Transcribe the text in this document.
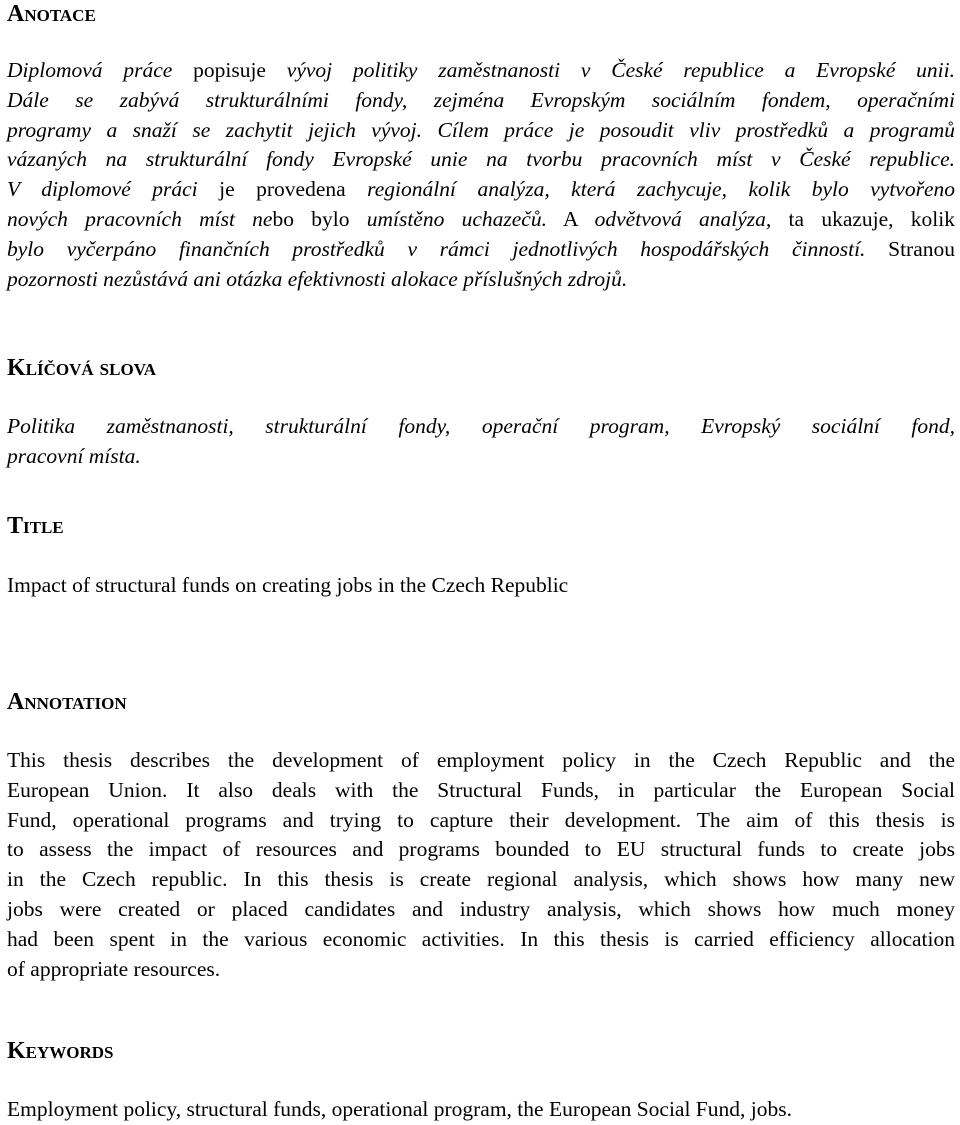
Anotace
Diplomová práce popisuje vývoj politiky zaměstnanosti v České republice a Evropské unii.
Dále se zabývá strukturálními fondy, zejména Evropským sociálním fondem, operačními
programy a snaží se zachytit jejich vývoj. Cílem práce je posoudit vliv prostředků a programů
vázaných na strukturální fondy Evropské unie na tvorbu pracovních míst v České republice.
V diplomové práci je provedena regionální analýza, která zachycuje, kolik bylo vytvořeno
nových pracovních míst nebo bylo umístěno uchazečů. A odvětvová analýza, ta ukazuje, kolik
bylo vyčerpáno finančních prostředků v rámci jednotlivých hospodářských činností. Stranou
pozornosti nezůstává ani otázka efektivnosti alokace příslušných zdrojů.
Klíčová slova
Politika zaměstnanosti, strukturální fondy, operační program, Evropský sociální fond,
pracovní místa.
Title

Impact of structural funds on creating jobs in the Czech Republic

Annotation
This thesis describes the development of employment policy in the Czech Republic and the
European Union. It also deals with the Structural Funds, in particular the European Social
Fund, operational programs and trying to capture their development. The aim of this thesis is
to assess the impact of resources and programs bounded to EU structural funds to create jobs
in the Czech republic. In this thesis is create regional analysis, which shows how many new
jobs were created or placed candidates and industry analysis, which shows how much money
had been spent in the various economic activities. In this thesis is carried efficiency allocation
of appropriate resources.
Keywords

Employment policy, structural funds, operational program, the European Social Fund, jobs.
